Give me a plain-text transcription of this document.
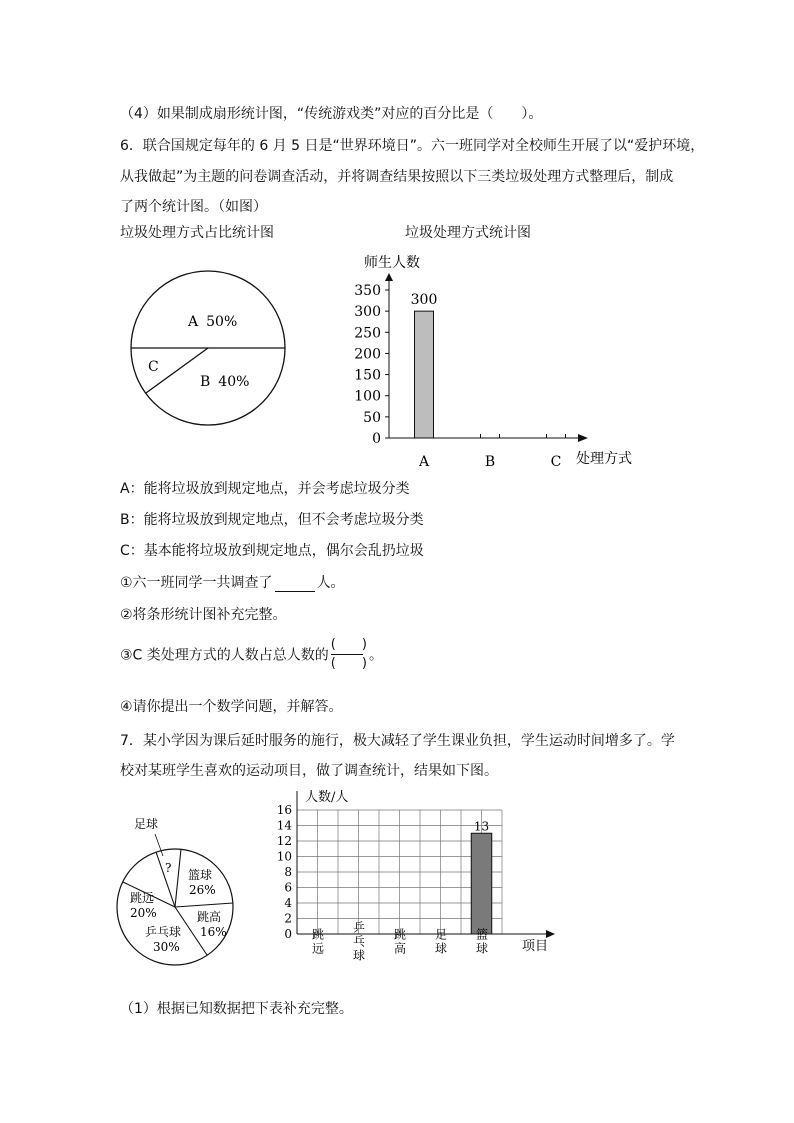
（4）如果制成扇形统计图，“传统游戏类”对应的百分比是（　　）。
6．联合国规定每年的 6 月 5 日是“世界环境日”。六一班同学对全校师生开展了以“爱护环境，
从我做起”为主题的问卷调查活动，并将调查结果按照以下三类垃圾处理方式整理后，制成
了两个统计图。（如图）
垃圾处理方式占比统计图	垃圾处理方式统计图
A 50%
B 40%
C
师生人数
0
50
100
150
200
250
300
350
300
A	B	C 处理方式
A：能将垃圾放到规定地点，并会考虑垃圾分类
B：能将垃圾放到规定地点，但不会考虑垃圾分类
C：基本能将垃圾放到规定地点，偶尔会乱扔垃圾
①六一班同学一共调查了	人。
②将条形统计图补充完整。
③C 类处理方式的人数占总人数的 $\frac{( )}{( )}$ 。
④请你提出一个数学问题，并解答。
7．某小学因为课后延时服务的施行，极大减轻了学生课业负担，学生运动时间增多了。学
校对某班学生喜欢的运动项目，做了调查统计，结果如下图。
足球
? 篮球
26%
跳高
16%
乒乓球
30%
跳远
20%
人数/人
0
2
4
6
8
10
12
14
16
13
跳远 乒乓球 跳高 足球 篮球	项目
（1）根据已知数据把下表补充完整。
